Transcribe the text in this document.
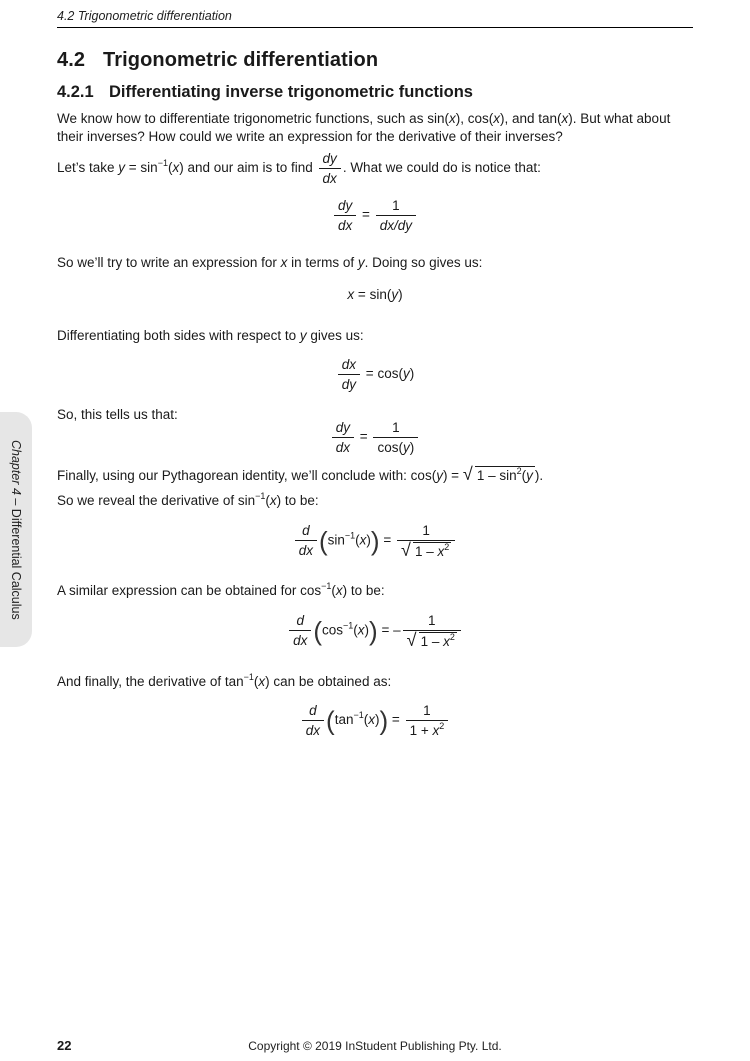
4.2 Trigonometric differentiation
4.2 Trigonometric differentiation
4.2.1 Differentiating inverse trigonometric functions

We know how to differentiate trigonometric functions, such as sin(x), cos(x), and tan(x). But what about their inverses? How could we write an expression for the derivative of their inverses?

Let’s take $y = \sin^{-1}(x)$ and our aim is to find $\frac{dy}{dx}$ . What we could do is notice that:

$\frac{dy}{dx} = \frac{1}{dx/dy}$

So we’ll try to write an expression for x in terms of y. Doing so gives us:

x = sin(y)

Differentiating both sides with respect to y gives us:

$\frac{dx}{dy} = \cos(y)$

So, this tells us that:

$\frac{dy}{dx} = \frac{1}{\cos(y)}$

Finally, using our Pythagorean identity, we’ll conclude with: cos(y) = √ $1 - \sin^2(y$ ).

So we reveal the derivative of $\sin^{-1}(x)$ to be:

$\frac{d}{dx} (\sin^{-1}(x)) = \frac{1}{√ 1 - x^2}$

A similar expression can be obtained for $\cos^{-1}(x)$ to be:

$\frac{d}{dx} (\cos^{-1}(x))$ = – $\frac{1}{√ 1 - x^2}$

And finally, the derivative of $\tan^{-1}(x)$ can be obtained as:

$\frac{d}{dx} (\tan^{-1}(x)) = \frac{1}{1 + x^2}$
Chapter 4 – Differential Calculus
22	Copyright © 2019 InStudent Publishing Pty. Ltd.
